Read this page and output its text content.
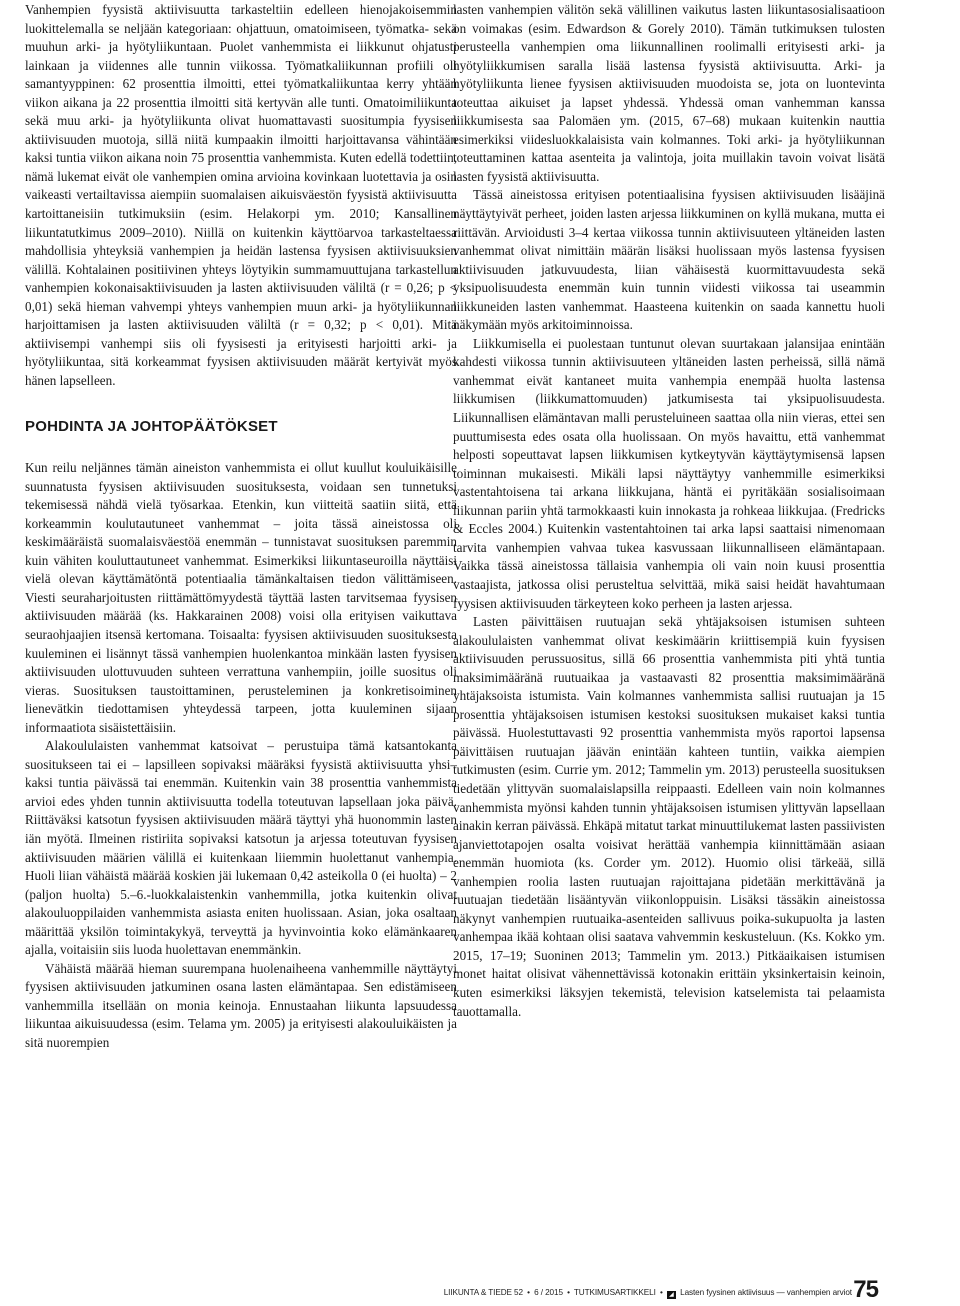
Vanhempien fyysistä aktiivisuutta tarkasteltiin edelleen hienojakoisemmin luokittelemalla se neljään kategoriaan: ohjattuun, omatoimiseen, työmatka- sekä muuhun arki- ja hyötyliikuntaan. Puolet vanhemmista ei liikkunut ohjatusti lainkaan ja viidennes alle tunnin viikossa. Työmatkaliikunnan profiili oli samantyyppinen: 62 prosenttia ilmoitti, ettei työmatkaliikuntaa kerry yhtään viikon aikana ja 22 prosenttia ilmoitti sitä kertyvän alle tunti. Omatoimiliikunta sekä muu arki- ja hyötyliikunta olivat huomattavasti suositumpia fyysisen aktiivisuuden muotoja, sillä niitä kumpaakin ilmoitti harjoittavansa vähintään kaksi tuntia viikon aikana noin 75 prosenttia vanhemmista. Kuten edellä todettiin, nämä lukemat eivät ole vanhempien omina arvioina kovinkaan luotettavia ja osin vaikeasti vertailtavissa aiempiin suomalaisen aikuisväestön fyysistä aktiivisuutta kartoittaneisiin tutkimuksiin (esim. Helakorpi ym. 2010; Kansallinen liikuntatutkimus 2009–2010). Niillä on kuitenkin käyttöarvoa tarkasteltaessa mahdollisia yhteyksiä vanhempien ja heidän lastensa fyysisen aktiivisuuksien välillä. Kohtalainen positiivinen yhteys löytyikin summamuuttujana tarkastellun vanhempien kokonaisaktiivisuuden ja lasten aktiivisuuden väliltä (r = 0,26; p < 0,01) sekä hieman vahvempi yhteys vanhempien muun arki- ja hyötyliikunnan harjoittamisen ja lasten aktiivisuuden väliltä (r = 0,32; p < 0,01). Mitä aktiivisempi vanhempi siis oli fyysisesti ja erityisesti harjoitti arki- ja hyötyliikuntaa, sitä korkeammat fyysisen aktiivisuuden määrät kertyivät myös hänen lapselleen.

POHDINTA JA JOHTOPÄÄTÖKSET

Kun reilu neljännes tämän aineiston vanhemmista ei ollut kuullut kouluikäisille suunnatusta fyysisen aktiivisuuden suosituksesta, voidaan sen tunnetuksi tekemisessä nähdä vielä työsarkaa. Etenkin, kun viitteitä saatiin siitä, että korkeammin koulutautuneet vanhemmat – joita tässä aineistossa oli keskimääräistä suomalaisväestöä enemmän – tunnistavat suosituksen paremmin kuin vähiten kouluttautuneet vanhemmat. Esimerkiksi liikuntaseuroilla näyttäisi vielä olevan käyttämätöntä potentiaalia tämänkaltaisen tiedon välittämiseen. Viesti seuraharjoitusten riittämättömyydestä täyttää lasten tarvitsemaa fyysisen aktiivisuuden määrää (ks. Hakkarainen 2008) voisi olla erityisen vaikuttava seuraohjaajien itsensä kertomana. Toisaalta: fyysisen aktiivisuuden suosituksesta kuuleminen ei lisännyt tässä vanhempien huolenkantoa minkään lasten fyysisen aktiivisuuden ulottuvuuden suhteen verrattuna vanhempiin, joille suositus oli vieras. Suosituksen taustoittaminen, perusteleminen ja konkretisoiminen lienevätkin tiedottamisen yhteydessä tarpeen, jotta kuuleminen sijaan informaatiota sisäistettäisiin.

Alakoululaisten vanhemmat katsoivat – perustuipa tämä katsantokanta suositukseen tai ei – lapsilleen sopivaksi määräksi fyysistä aktiivisuutta yhsi–kaksi tuntia päivässä tai enemmän. Kuitenkin vain 38 prosenttia vanhemmista arvioi edes yhden tunnin aktiivisuutta todella toteutuvan lapsellaan joka päivä. Riittäväksi katsotun fyysisen aktiivisuuden määrä täyttyi yhä huonommin lasten iän myötä. Ilmeinen ristiriita sopivaksi katsotun ja arjessa toteutuvan fyysisen aktiivisuuden määrien välillä ei kuitenkaan liiemmin huolettanut vanhempia. Huoli liian vähäistä määrää koskien jäi lukemaan 0,42 asteikolla 0 (ei huolta) – 2 (paljon huolta) 5.–6.-luokkalaistenkin vanhemmilla, jotka kuitenkin olivat alakouluoppilaiden vanhemmista asiasta eniten huolissaan. Asian, joka osaltaan määrittää yksilön toimintakykyä, terveyttä ja hyvinvointia koko elämänkaaren ajalla, voitaisiin siis luoda huolettavan enemmänkin.

Vähäistä määrää hieman suurempana huolenaiheena vanhemmille näyttäytyi fyysisen aktiivisuuden jatkuminen osana lasten elämäntapaa. Sen edistämiseen vanhemmilla itsellään on monia keinoja. Ennustaahan liikunta lapsuudessa liikuntaa aikuisuudessa (esim. Telama ym. 2005) ja erityisesti alakouluikäisten ja sitä nuorempien

lasten vanhempien välitön sekä välillinen vaikutus lasten liikuntasosialisaatioon on voimakas (esim. Edwardson & Gorely 2010). Tämän tutkimuksen tulosten perusteella vanhempien oma liikunnallinen roolimalli erityisesti arki- ja hyötyliikkumisen saralla lisää lastensa fyysistä aktiivisuutta. Arki- ja hyötyliikunta lienee fyysisen aktiivisuuden muodoista se, jota on luontevinta toteuttaa aikuiset ja lapset yhdessä. Yhdessä oman vanhemman kanssa liikkumisesta saa Palomäen ym. (2015, 67–68) mukaan kuitenkin nauttia esimerkiksi viidesluokkalaisista vain kolmannes. Toki arki- ja hyötyliikunnan toteuttaminen kattaa asenteita ja valintoja, joita muillakin tavoin voivat lisätä lasten fyysistä aktiivisuutta.

Tässä aineistossa erityisen potentiaalisina fyysisen aktiivisuuden lisääjinä näyttäytyivät perheet, joiden lasten arjessa liikkuminen on kyllä mukana, mutta ei riittävän. Arvioidusti 3–4 kertaa viikossa tunnin aktiivisuuteen yltäneiden lasten vanhemmat olivat nimittäin määrän lisäksi huolissaan myös lastensa fyysisen aktiivisuuden jatkuvuudesta, liian vähäisestä kuormittavuudesta sekä yksipuolisuudesta enemmän kuin tunnin viidesti viikossa tai useammin liikkuneiden lasten vanhemmat. Haasteena kuitenkin on saada kannettu huoli näkymään myös arkitoiminnoissa.

Liikkumisella ei puolestaan tuntunut olevan suurtakaan jalansijaa enintään kahdesti viikossa tunnin aktiivisuuteen yltäneiden lasten perheissä, sillä nämä vanhemmat eivät kantaneet muita vanhempia enempää huolta lastensa liikkumisen (liikkumattomuuden) jatkumisesta tai yksipuolisuudesta. Liikunnallisen elämäntavan malli perusteluineen saattaa olla niin vieras, ettei sen puuttumisesta edes osata olla huolissaan. On myös havaittu, että vanhemmat helposti sopeuttavat lapsen liikkumisen kytkeytyvän käyttäytymisensä lapsen toiminnan mukaisesti. Mikäli lapsi näyttäytyy vanhemmille esimerkiksi vastentahtoisena tai arkana liikkujana, häntä ei pyritäkään sosialisoimaan liikunnan pariin yhtä tarmokkaasti kuin innokasta ja rohkeaa liikkujaa. (Fredricks & Eccles 2004.) Kuitenkin vastentahtoinen tai arka lapsi saattaisi nimenomaan tarvita vanhempien vahvaa tukea kasvussaan liikunnalliseen elämäntapaan. Vaikka tässä aineistossa tällaisia vanhempia oli vain noin kuusi prosenttia vastaajista, jatkossa olisi perusteltua selvittää, mikä saisi heidät havahtumaan fyysisen aktiivisuuden tärkeyteen koko perheen ja lasten arjessa.

Lasten päivittäisen ruutuajan sekä yhtäjaksoisen istumisen suhteen alakoululaisten vanhemmat olivat keskimäärin kriittisempiä kuin fyysisen aktiivisuuden perussuositus, sillä 66 prosenttia vanhemmista piti yhtä tuntia maksimimääränä ruutuaikaa ja vastaavasti 82 prosenttia maksimimääränä yhtäjaksoista istumista. Vain kolmannes vanhemmista sallisi ruutuajan ja 15 prosenttia yhtäjaksoisen istumisen kestoksi suosituksen mukaiset kaksi tuntia päivässä. Huolestuttavasti 92 prosenttia vanhemmista myös raportoi lapsensa päivittäisen ruutuajan jäävän enintään kahteen tuntiin, vaikka aiempien tutkimusten (esim. Currie ym. 2012; Tammelin ym. 2013) perusteella suosituksen tiedetään ylittyvän suomalaislapsilla reippaasti. Edelleen vain noin kolmannes vanhemmista myönsi kahden tunnin yhtäjaksoisen istumisen ylittyvän lapsellaan ainakin kerran päivässä. Ehkäpä mitatut tarkat minuuttilukemat lasten passiivisten ajanviettotapojen osalta voisivat herättää vanhempia kiinnittämään asiaan enemmän huomiota (ks. Corder ym. 2012). Huomio olisi tärkeää, sillä vanhempien roolia lasten ruutuajan rajoittajana pidetään merkittävänä ja ruutuajan tiedetään lisääntyvän viikonloppuisin. Lisäksi tässäkin aineistossa näkynyt vanhempien ruutuaika-asenteiden sallivuus poika-sukupuolta ja lasten vanhempaa ikää kohtaan olisi saatava vahvemmin keskusteluun. (Ks. Kokko ym. 2015, 17–19; Suoninen 2013; Tammelin ym. 2013.) Pitkäaikaisen istumisen monet haitat olisivat vähennettävissä kotonakin erittäin yksinkertaisin keinoin, kuten esimerkiksi läksyjen tekemistä, television katselemista tai pelaamista tauottamalla.

LIIKUNTA & TIEDE 52 • 6 / 2015 • TUTKIMUSARTIKKELI • ◢ Lasten fyysinen aktiivisuus — vanhempien arviot 75
